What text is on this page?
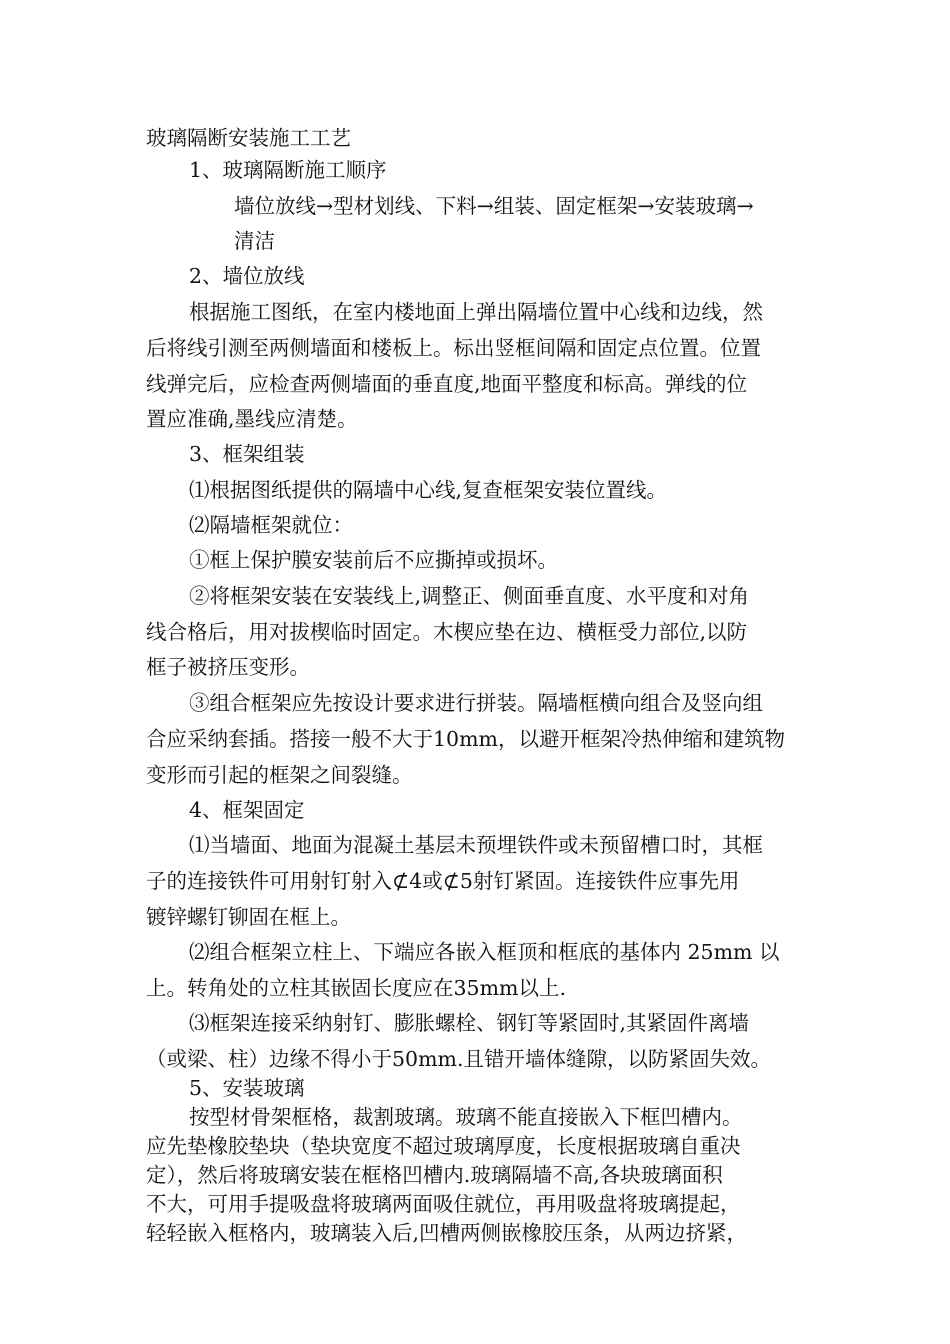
玻璃隔断安装施工工艺
1、玻璃隔断施工顺序
墙位放线→型材划线、下料→组装、固定框架→安装玻璃→
清洁
2、墙位放线
根据施工图纸，在室内楼地面上弹出隔墙位置中心线和边线，然
后将线引测至两侧墙面和楼板上。标出竖框间隔和固定点位置。位置
线弹完后，应检查两侧墙面的垂直度,地面平整度和标高。弹线的位
置应准确,墨线应清楚。
3、框架组装
⑴根据图纸提供的隔墙中心线,复查框架安装位置线。
⑵隔墙框架就位：
①框上保护膜安装前后不应撕掉或损坏。
②将框架安装在安装线上,调整正、侧面垂直度、水平度和对角
线合格后，用对拔楔临时固定。木楔应垫在边、横框受力部位,以防
框子被挤压变形。
③组合框架应先按设计要求进行拼装。隔墙框横向组合及竖向组
合应采纳套插。搭接一般不大于10mm，以避开框架冷热伸缩和建筑物
变形而引起的框架之间裂缝。
4、框架固定
⑴当墙面、地面为混凝土基层未预埋铁件或未预留槽口时，其框
子的连接铁件可用射钉射入⊄4或⊄5射钉紧固。连接铁件应事先用
镀锌螺钉铆固在框上。
⑵组合框架立柱上、下端应各嵌入框顶和框底的基体内 25mm 以
上。转角处的立柱其嵌固长度应在35mm以上.
⑶框架连接采纳射钉、膨胀螺栓、钢钉等紧固时,其紧固件离墙
（或梁、柱）边缘不得小于50mm.且错开墙体缝隙，以防紧固失效。
5、安装玻璃
按型材骨架框格，裁割玻璃。玻璃不能直接嵌入下框凹槽内。
应先垫橡胶垫块（垫块宽度不超过玻璃厚度，长度根据玻璃自重决
定），然后将玻璃安装在框格凹槽内.玻璃隔墙不高,各块玻璃面积
不大，可用手提吸盘将玻璃两面吸住就位，再用吸盘将玻璃提起，
轻轻嵌入框格内，玻璃装入后,凹槽两侧嵌橡胶压条，从两边挤紧，
